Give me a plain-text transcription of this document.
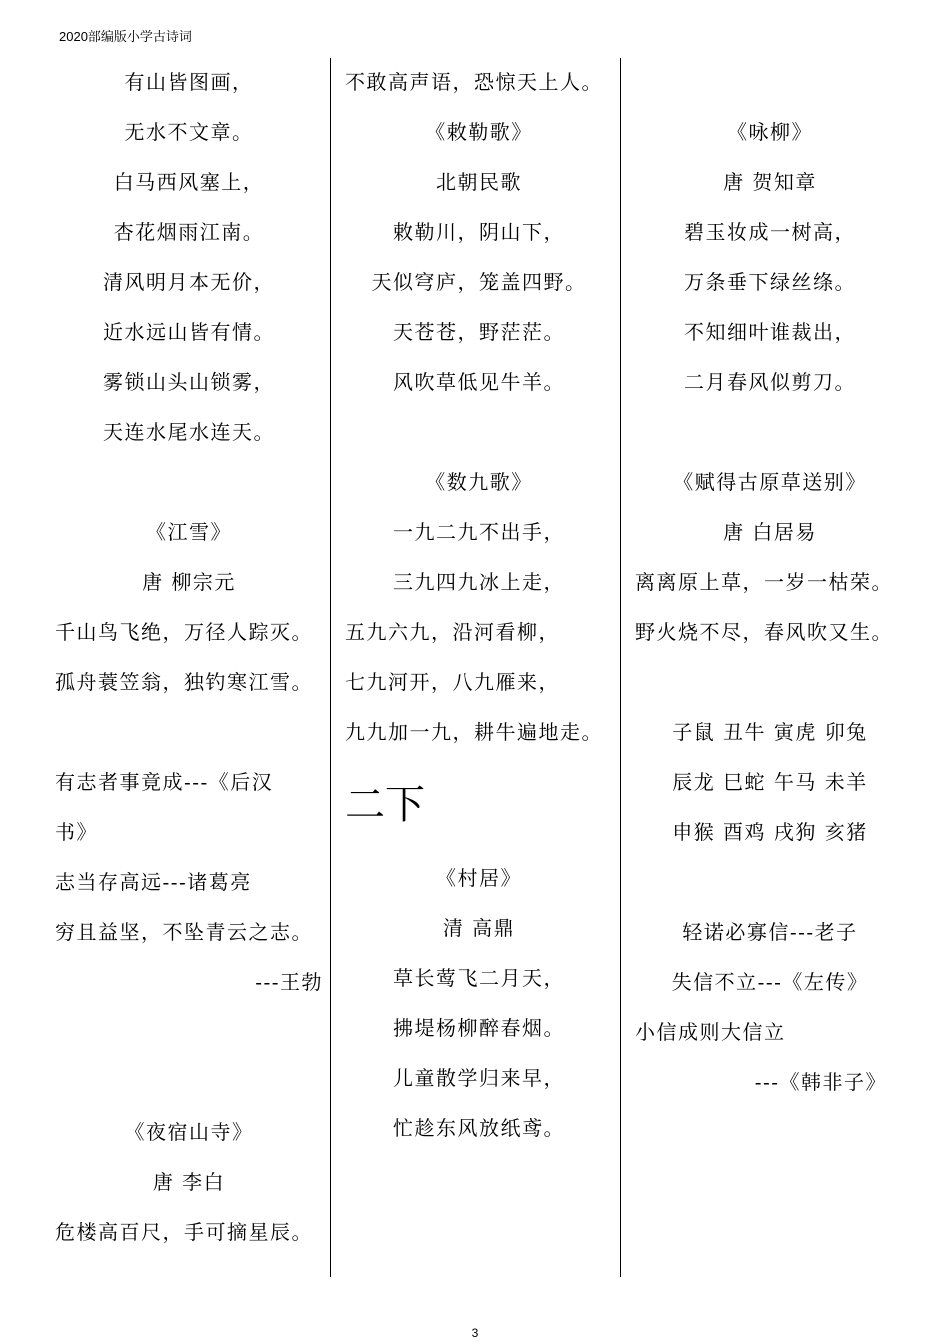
2020部编版小学古诗词
有山皆图画，
无水不文章。
白马西风塞上，
杏花烟雨江南。
清风明月本无价，
近水远山皆有情。
雾锁山头山锁雾，
天连水尾水连天。
《江雪》
唐 柳宗元
千山鸟飞绝，万径人踪灭。
孤舟蓑笠翁，独钓寒江雪。
有志者事竟成---《后汉
书》
志当存高远---诸葛亮
穷且益坚，不坠青云之志。
---王勃
《夜宿山寺》
唐 李白
危楼高百尺，手可摘星辰。
不敢高声语，恐惊天上人。
《敕勒歌》
北朝民歌
敕勒川，阴山下，
天似穹庐，笼盖四野。
天苍苍，野茫茫。
风吹草低见牛羊。
《数九歌》
一九二九不出手，
三九四九冰上走，
五九六九，沿河看柳，
七九河开，八九雁来，
九九加一九，耕牛遍地走。
二下
《村居》
清 高鼎
草长莺飞二月天，
拂堤杨柳醉春烟。
儿童散学归来早，
忙趁东风放纸鸢。
《咏柳》
唐 贺知章
碧玉妆成一树高，
万条垂下绿丝绦。
不知细叶谁裁出，
二月春风似剪刀。
《赋得古原草送别》
唐 白居易
离离原上草，一岁一枯荣。
野火烧不尽，春风吹又生。
子鼠 丑牛 寅虎 卯兔
辰龙 巳蛇 午马 未羊
申猴 酉鸡 戌狗 亥猪
轻诺必寡信---老子
失信不立---《左传》
小信成则大信立
---《韩非子》
3
